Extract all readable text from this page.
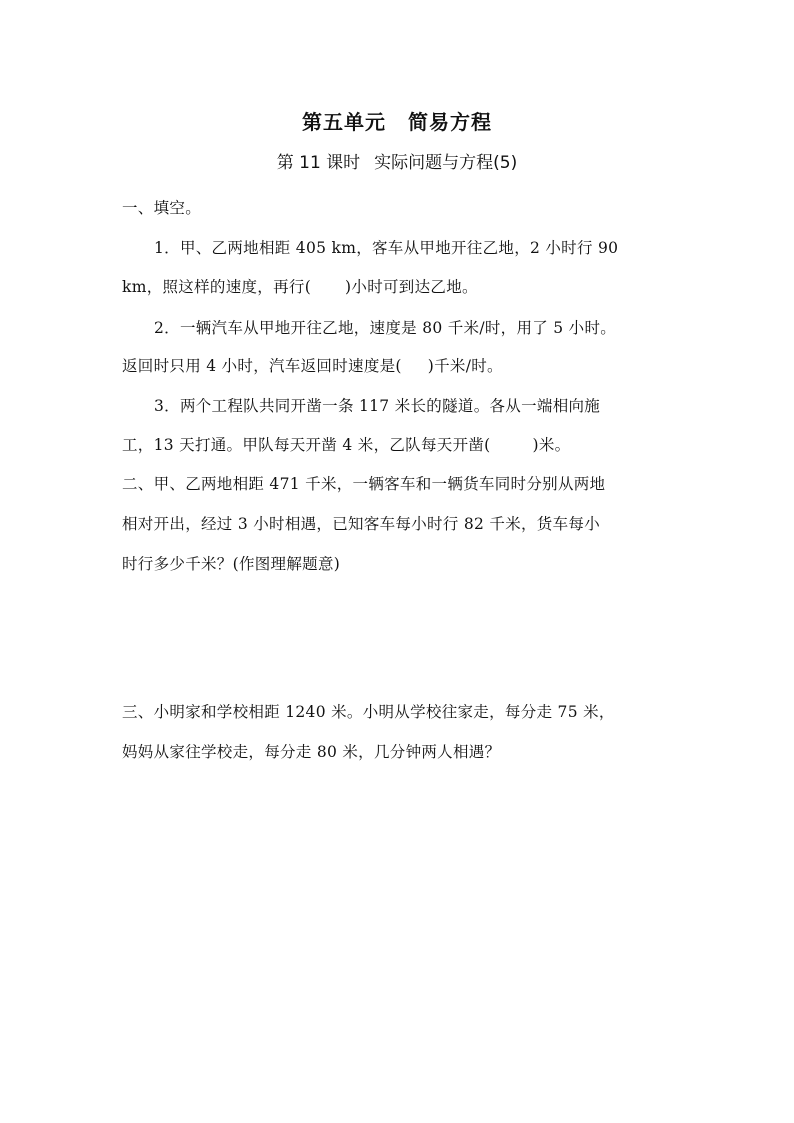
第五单元 简易方程
第 11 课时 实际问题与方程(5)
一、填空。
1．甲、乙两地相距 405 km，客车从甲地开往乙地，2 小时行 90
km，照这样的速度，再行( )小时可到达乙地。
2．一辆汽车从甲地开往乙地，速度是 80 千米/时，用了 5 小时。
返回时只用 4 小时，汽车返回时速度是( )千米/时。
3．两个工程队共同开凿一条 117 米长的隧道。各从一端相向施
工，13 天打通。甲队每天开凿 4 米，乙队每天开凿(	)米。
二、甲、乙两地相距 471 千米，一辆客车和一辆货车同时分别从两地
相对开出，经过 3 小时相遇，已知客车每小时行 82 千米，货车每小
时行多少千米？(作图理解题意)
三、小明家和学校相距 1240 米。小明从学校往家走，每分走 75 米，
妈妈从家往学校走，每分走 80 米，几分钟两人相遇？
